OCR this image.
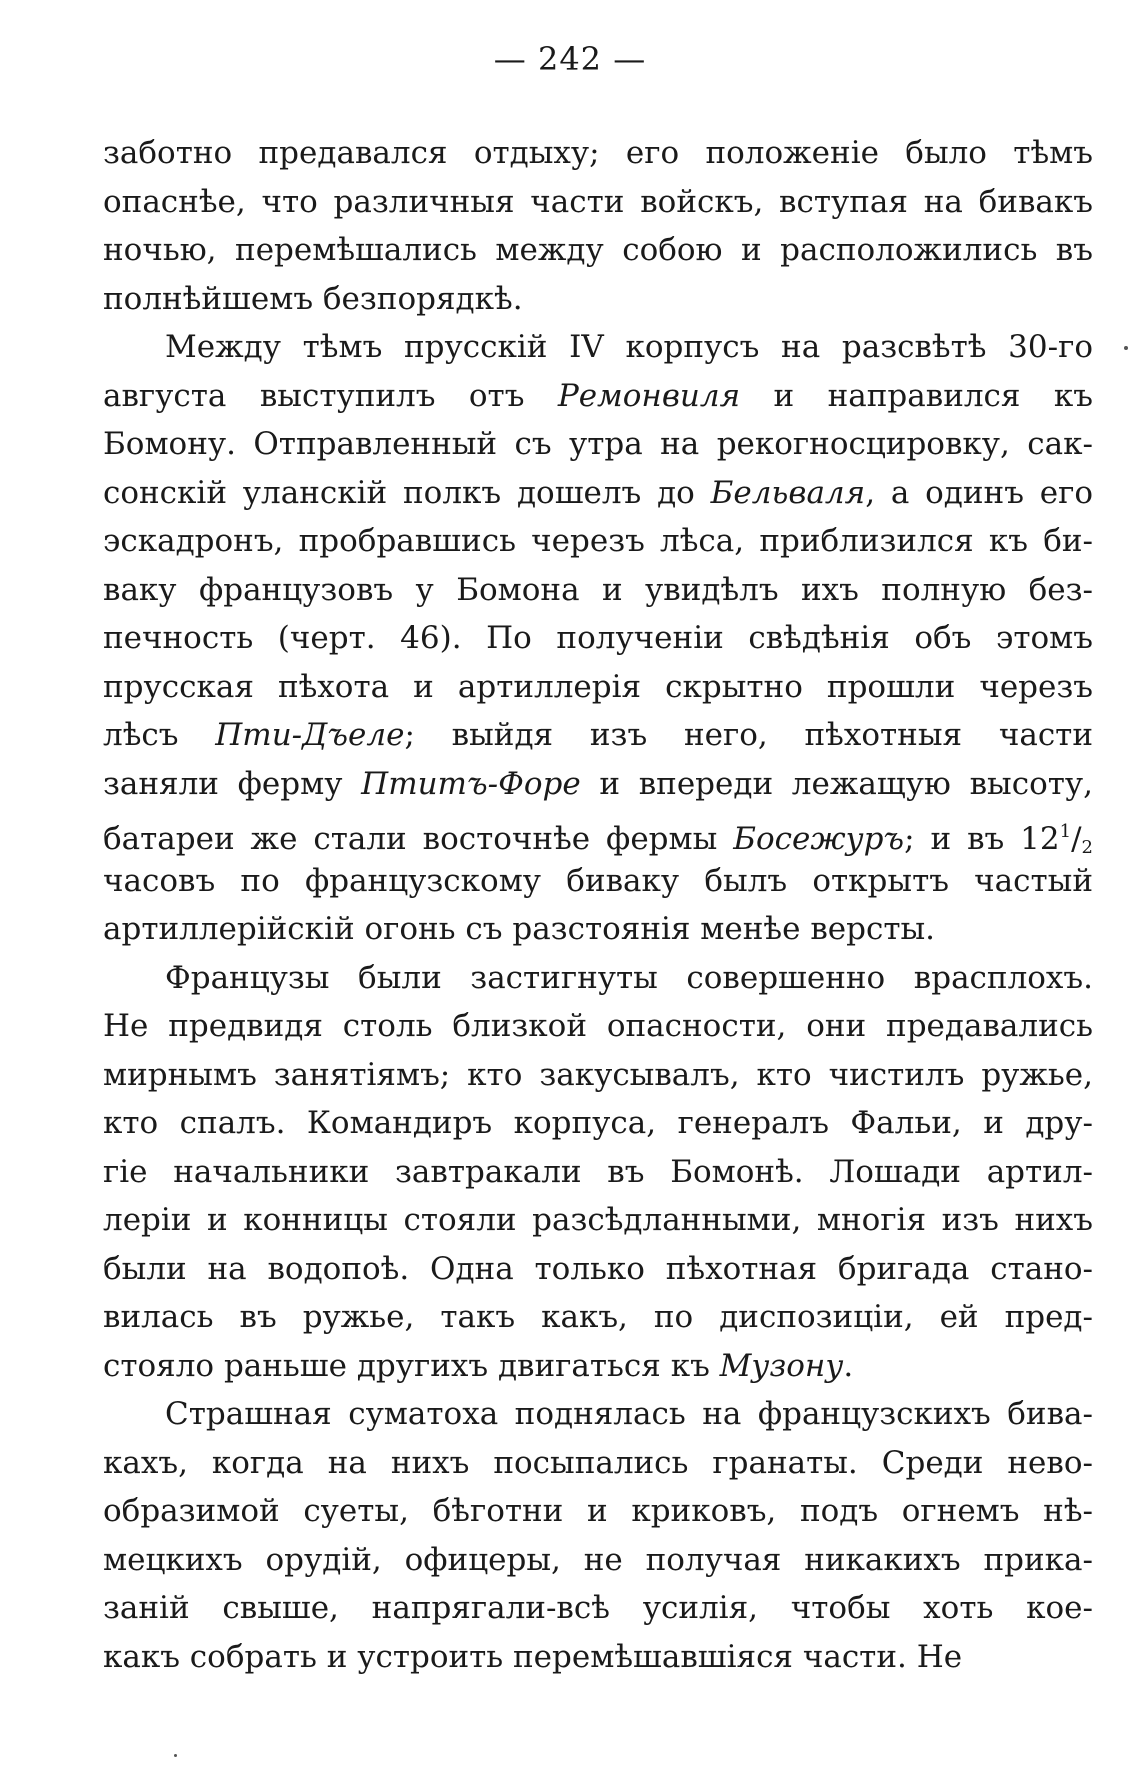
— 242 —
заботно предавался отдыху; его положеніе было тѣмъ
опаснѣе, что различныя части войскъ, вступая на бивакъ
ночью, перемѣшались между собою и расположились въ
полнѣйшемъ безпорядкѣ.
Между тѣмъ прусскій IV корпусъ на разсвѣтѣ 30-го
августа выступилъ отъ Ремонвиля и направился къ
Бомону. Отправленный съ утра на рекогносцировку, сак-
сонскій уланскій полкъ дошелъ до Бельваля, а одинъ его
эскадронъ, пробравшись черезъ лѣса, приблизился къ би-
ваку французовъ у Бомона и увидѣлъ ихъ полную без-
печность (черт. 46). По полученіи свѣдѣнія объ этомъ
прусская пѣхота и артиллерія скрытно прошли черезъ
лѣсъ Пти-Дъеле; выйдя изъ него, пѣхотныя части
заняли ферму Птитъ-Форе и впереди лежащую высоту,
батареи же стали восточнѣе фермы Босежуръ; и въ $12^1/_2$
часовъ по французскому биваку былъ открытъ частый
артиллерійскій огонь съ разстоянія менѣе версты.
Французы были застигнуты совершенно врасплохъ.
Не предвидя столь близкой опасности, они предавались
мирнымъ занятіямъ; кто закусывалъ, кто чистилъ ружье,
кто спалъ. Командиръ корпуса, генералъ Фальи, и дру-
гіе начальники завтракали въ Бомонѣ. Лошади артил-
леріи и конницы стояли разсѣдланными, многія изъ нихъ
были на водопоѣ. Одна только пѣхотная бригада стано-
вилась въ ружье, такъ какъ, по диспозиціи, ей пред-
стояло раньше другихъ двигаться къ Музону.
Страшная суматоха поднялась на французскихъ бива-
кахъ, когда на нихъ посыпались гранаты. Среди нево-
образимой суеты, бѣготни и криковъ, подъ огнемъ нѣ-
мецкихъ орудій, офицеры, не получая никакихъ прика-
заній свыше, напрягали-всѣ усилія, чтобы хоть кое-
какъ собрать и устроить перемѣшавшіяся части. Не
